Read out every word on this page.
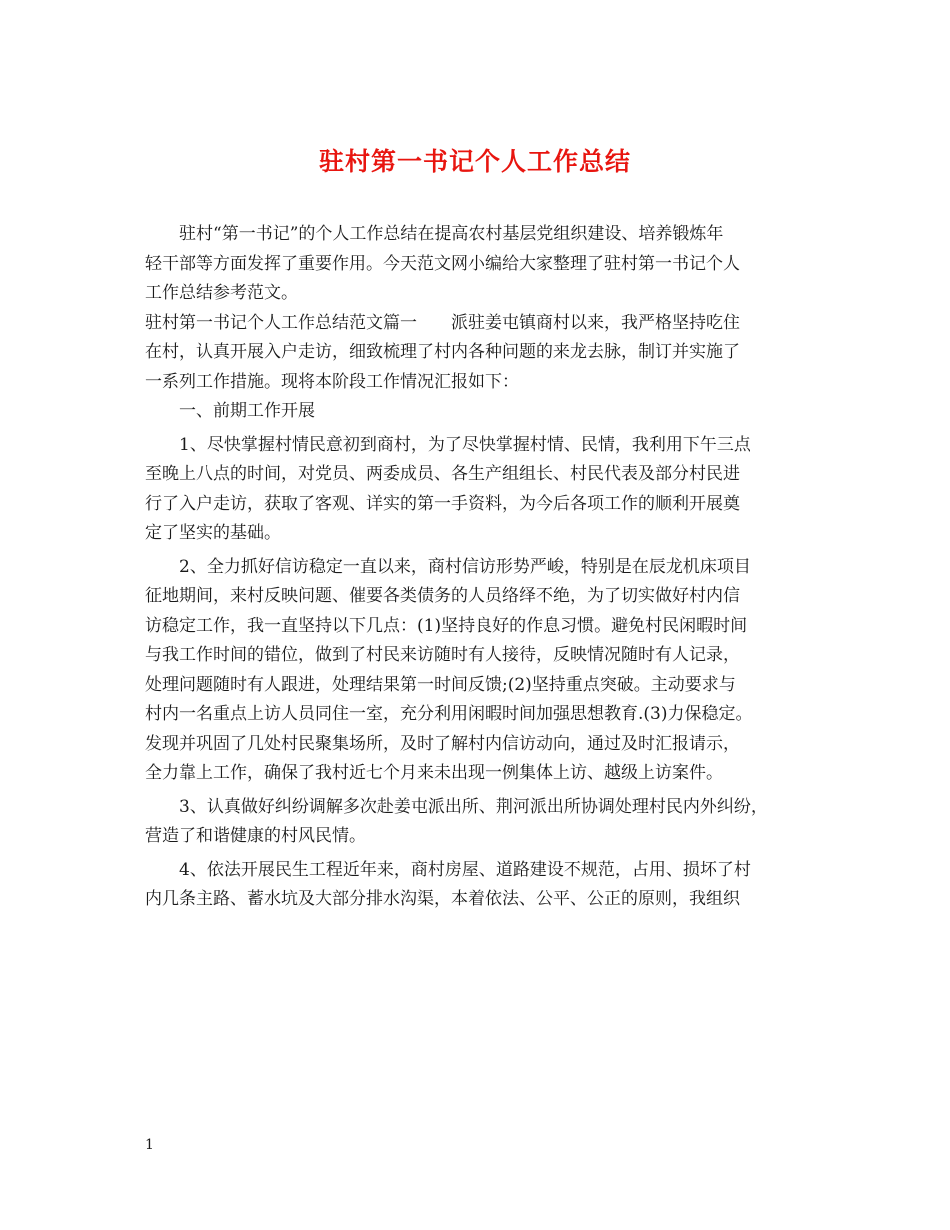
驻村第一书记个人工作总结
驻村“第一书记”的个人工作总结在提高农村基层党组织建设、培养锻炼年
轻干部等方面发挥了重要作用。今天范文网小编给大家整理了驻村第一书记个人
工作总结参考范文。
驻村第一书记个人工作总结范文篇一　　派驻姜屯镇商村以来，我严格坚持吃住
在村，认真开展入户走访，细致梳理了村内各种问题的来龙去脉，制订并实施了
一系列工作措施。现将本阶段工作情况汇报如下：
一、前期工作开展
1、尽快掌握村情民意初到商村，为了尽快掌握村情、民情，我利用下午三点
至晚上八点的时间，对党员、两委成员、各生产组组长、村民代表及部分村民进
行了入户走访，获取了客观、详实的第一手资料，为今后各项工作的顺利开展奠
定了坚实的基础。
2、全力抓好信访稳定一直以来，商村信访形势严峻，特别是在辰龙机床项目
征地期间，来村反映问题、催要各类债务的人员络绎不绝，为了切实做好村内信
访稳定工作，我一直坚持以下几点：(1)坚持良好的作息习惯。避免村民闲暇时间
与我工作时间的错位，做到了村民来访随时有人接待，反映情况随时有人记录，
处理问题随时有人跟进，处理结果第一时间反馈;(2)坚持重点突破。主动要求与
村内一名重点上访人员同住一室，充分利用闲暇时间加强思想教育.(3)力保稳定。
发现并巩固了几处村民聚集场所，及时了解村内信访动向，通过及时汇报请示，
全力靠上工作，确保了我村近七个月来未出现一例集体上访、越级上访案件。
3、认真做好纠纷调解多次赴姜屯派出所、荆河派出所协调处理村民内外纠纷，
营造了和谐健康的村风民情。
4、依法开展民生工程近年来，商村房屋、道路建设不规范，占用、损坏了村
内几条主路、蓄水坑及大部分排水沟渠，本着依法、公平、公正的原则，我组织
1
